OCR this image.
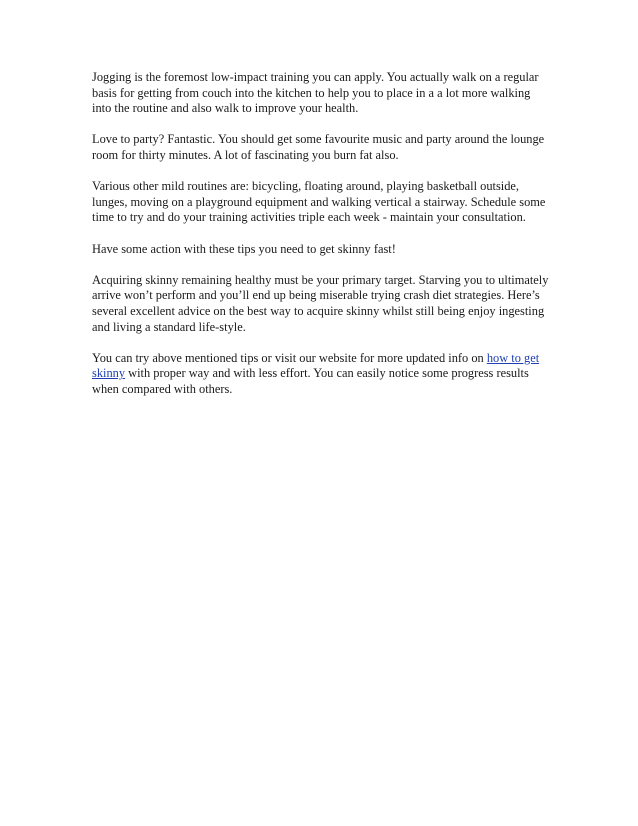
Jogging is the foremost low-impact training you can apply. You actually walk on a regular basis for getting from couch into the kitchen to help you to place in a a lot more walking into the routine and also walk to improve your health.

Love to party? Fantastic. You should get some favourite music and party around the lounge room for thirty minutes. A lot of fascinating you burn fat also.

Various other mild routines are: bicycling, floating around, playing basketball outside, lunges, moving on a playground equipment and walking vertical a stairway. Schedule some time to try and do your training activities triple each week - maintain your consultation.

Have some action with these tips you need to get skinny fast!

Acquiring skinny remaining healthy must be your primary target. Starving you to ultimately arrive won’t perform and you’ll end up being miserable trying crash diet strategies. Here’s several excellent advice on the best way to acquire skinny whilst still being enjoy ingesting and living a standard life-style.

You can try above mentioned tips or visit our website for more updated info on how to get skinny with proper way and with less effort. You can easily notice some progress results when compared with others.
